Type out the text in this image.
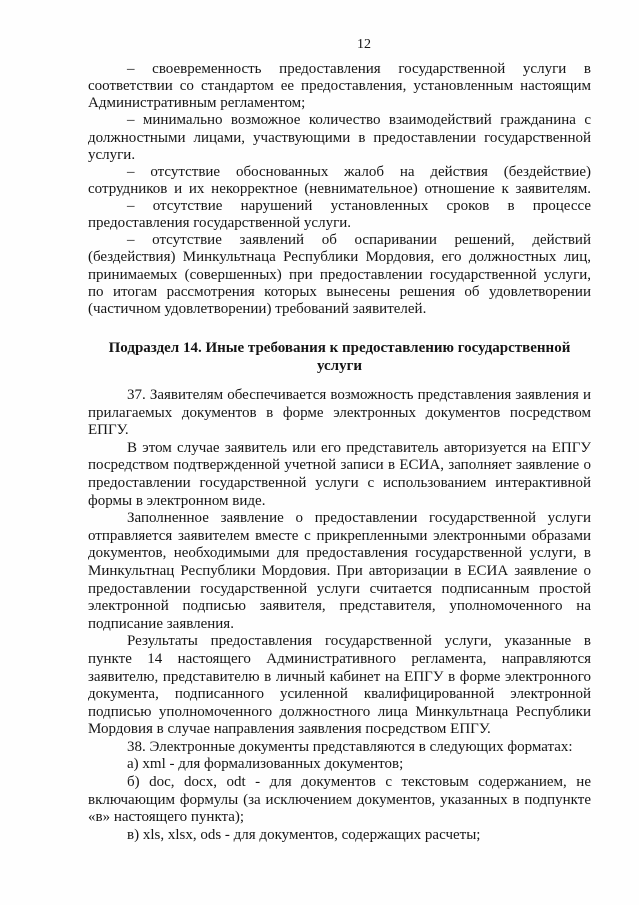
12
– своевременность предоставления государственной услуги в
соответствии со стандартом ее предоставления, установленным настоящим
Административным регламентом;
– минимально возможное количество взаимодействий гражданина с
должностными лицами, участвующими в предоставлении государственной
услуги.
– отсутствие обоснованных жалоб на действия (бездействие)
сотрудников и их некорректное (невнимательное) отношение к заявителям.
– отсутствие нарушений установленных сроков в процессе
предоставления государственной услуги.
– отсутствие заявлений об оспаривании решений, действий
(бездействия) Минкультнаца Республики Мордовия, его должностных лиц,
принимаемых (совершенных) при предоставлении государственной услуги,
по итогам рассмотрения которых вынесены решения об удовлетворении
(частичном удовлетворении) требований заявителей.
Подраздел 14. Иные требования к предоставлению государственной
услуги
37. Заявителям обеспечивается возможность представления заявления и
прилагаемых документов в форме электронных документов посредством
ЕПГУ.
В этом случае заявитель или его представитель авторизуется на ЕПГУ
посредством подтвержденной учетной записи в ЕСИА, заполняет заявление о
предоставлении государственной услуги с использованием интерактивной
формы в электронном виде.
Заполненное заявление о предоставлении государственной услуги
отправляется заявителем вместе с прикрепленными электронными образами
документов, необходимыми для предоставления государственной услуги, в
Минкультнац Республики Мордовия. При авторизации в ЕСИА заявление о
предоставлении государственной услуги считается подписанным простой
электронной подписью заявителя, представителя, уполномоченного на
подписание заявления.
Результаты предоставления государственной услуги, указанные в
пункте 14 настоящего Административного регламента, направляются
заявителю, представителю в личный кабинет на ЕПГУ в форме электронного
документа, подписанного усиленной квалифицированной электронной
подписью уполномоченного должностного лица Минкультнаца Республики
Мордовия в случае направления заявления посредством ЕПГУ.
38. Электронные документы представляются в следующих форматах:
а) xml - для формализованных документов;
б) doc, docx, odt - для документов с текстовым содержанием, не
включающим формулы (за исключением документов, указанных в подпункте
«в» настоящего пункта);
в) xls, xlsx, ods - для документов, содержащих расчеты;
